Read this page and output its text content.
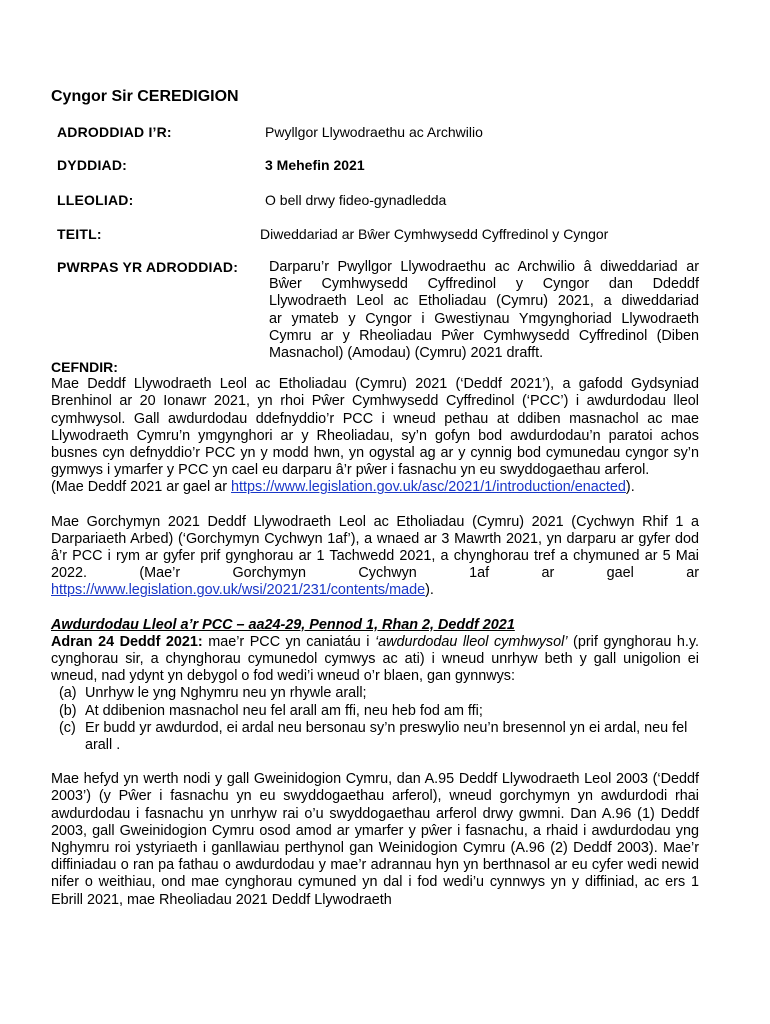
Cyngor Sir CEREDIGION
ADRODDIAD I’R:	Pwyllgor Llywodraethu ac Archwilio
DYDDIAD:	3 Mehefin 2021
LLEOLIAD:	O bell drwy fideo-gynadledda
TEITL:	Diweddariad ar Bŵer Cymhwysedd Cyffredinol y Cyngor
PWRPAS YR ADRODDIAD: Darparu’r Pwyllgor Llywodraethu ac Archwilio â diweddariad ar
Bŵer Cymhwysedd Cyffredinol y Cyngor dan Ddeddf
Llywodraeth Leol ac Etholiadau (Cymru) 2021, a diweddariad
ar ymateb y Cyngor i Gwestiynau Ymgynghoriad Llywodraeth
Cymru ar y Rheoliadau Pŵer Cymhwysedd Cyffredinol (Diben
Masnachol) (Amodau) (Cymru) 2021 drafft.
CEFNDIR:
Mae Deddf Llywodraeth Leol ac Etholiadau (Cymru) 2021 (‘Deddf 2021’), a gafodd Gydsyniad Brenhinol ar 20 Ionawr 2021, yn rhoi Pŵer Cymhwysedd Cyffredinol (‘PCC’) i awdurdodau lleol cymhwysol. Gall awdurdodau ddefnyddio’r PCC i wneud pethau at ddiben masnachol ac mae Llywodraeth Cymru’n ymgynghori ar y Rheoliadau, sy’n gofyn bod awdurdodau’n paratoi achos busnes cyn defnyddio’r PCC yn y modd hwn, yn ogystal ag ar y cynnig bod cymunedau cyngor sy’n gymwys i ymarfer y PCC yn cael eu darparu â’r pŵer i fasnachu yn eu swyddogaethau arferol.
(Mae Deddf 2021 ar gael ar https://www.legislation.gov.uk/asc/2021/1/introduction/enacted).
Mae Gorchymyn 2021 Deddf Llywodraeth Leol ac Etholiadau (Cymru) 2021 (Cychwyn Rhif 1 a Darpariaeth Arbed) (‘Gorchymyn Cychwyn 1af’), a wnaed ar 3 Mawrth 2021, yn darparu ar gyfer dod â’r PCC i rym ar gyfer prif gynghorau ar 1 Tachwedd 2021, a chynghorau tref a chymuned ar 5 Mai 2022. (Mae’r Gorchymyn Cychwyn 1af ar gael ar https://www.legislation.gov.uk/wsi/2021/231/contents/made).
Awdurdodau Lleol a’r PCC – aa24-29, Pennod 1, Rhan 2, Deddf 2021
Adran 24 Deddf 2021: mae’r PCC yn caniatáu i ‘awdurdodau lleol cymhwysol’ (prif gynghorau h.y. cynghorau sir, a chynghorau cymunedol cymwys ac ati) i wneud unrhyw beth y gall unigolion ei wneud, nad ydynt yn debygol o fod wedi’i wneud o’r blaen, gan gynnwys:
(a) Unrhyw le yng Nghymru neu yn rhywle arall;
(b) At ddibenion masnachol neu fel arall am ffi, neu heb fod am ffi;
(c) Er budd yr awdurdod, ei ardal neu bersonau sy’n preswylio neu’n bresennol yn ei ardal, neu fel arall .
Mae hefyd yn werth nodi y gall Gweinidogion Cymru, dan A.95 Deddf Llywodraeth Leol 2003 (‘Deddf 2003’) (y Pŵer i fasnachu yn eu swyddogaethau arferol), wneud gorchymyn yn awdurdodi rhai awdurdodau i fasnachu yn unrhyw rai o’u swyddogaethau arferol drwy gwmni. Dan A.96 (1) Deddf 2003, gall Gweinidogion Cymru osod amod ar ymarfer y pŵer i fasnachu, a rhaid i awdurdodau yng Nghymru roi ystyriaeth i ganllawiau perthynol gan Weinidogion Cymru (A.96 (2) Deddf 2003). Mae’r diffiniadau o ran pa fathau o awdurdodau y mae’r adrannau hyn yn berthnasol ar eu cyfer wedi newid nifer o weithiau, ond mae cynghorau cymuned yn dal i fod wedi’u cynnwys yn y diffiniad, ac ers 1 Ebrill 2021, mae Rheoliadau 2021 Deddf Llywodraeth
